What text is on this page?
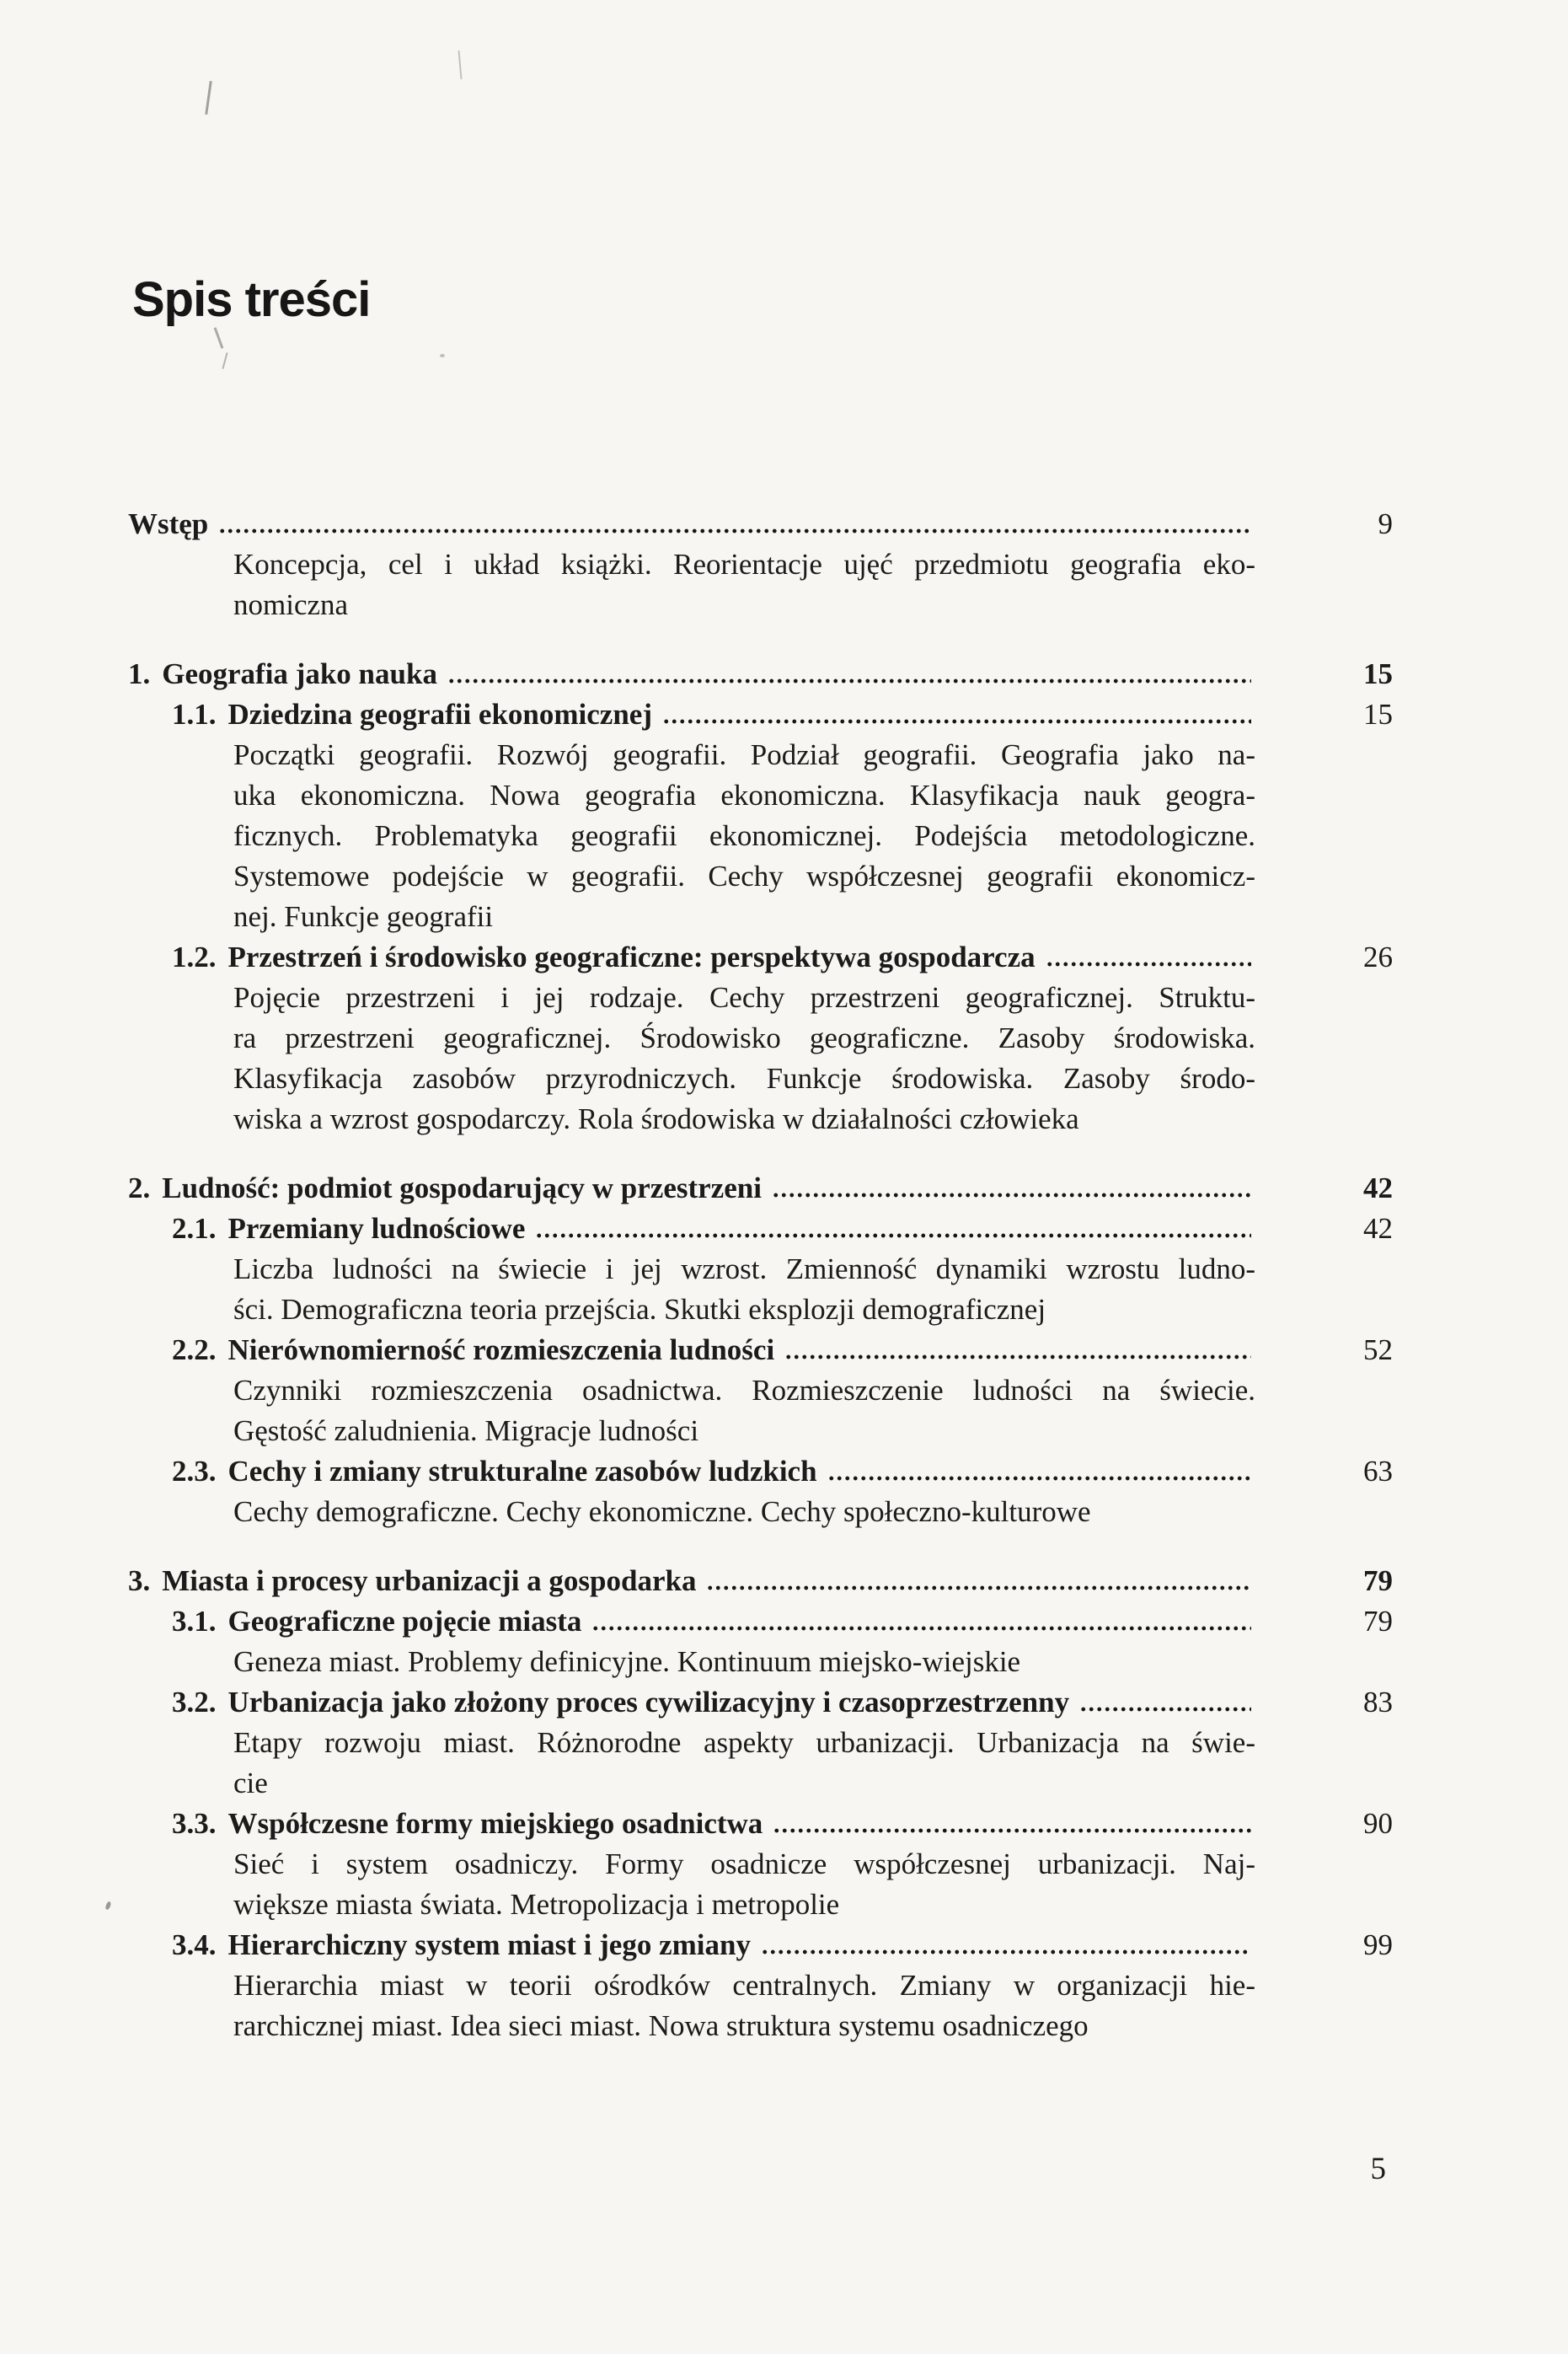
Spis treści
Wstęp	9
Koncepcja, cel i układ książki. Reorientacje ujęć przedmiotu geografia eko-
nomiczna
1. Geografia jako nauka	15
1.1. Dziedzina geografii ekonomicznej	15
Początki geografii. Rozwój geografii. Podział geografii. Geografia jako na-
uka ekonomiczna. Nowa geografia ekonomiczna. Klasyfikacja nauk geogra-
ficznych. Problematyka geografii ekonomicznej. Podejścia metodologiczne.
Systemowe podejście w geografii. Cechy współczesnej geografii ekonomicz-
nej. Funkcje geografii
1.2. Przestrzeń i środowisko geograficzne: perspektywa gospodarcza	26
Pojęcie przestrzeni i jej rodzaje. Cechy przestrzeni geograficznej. Struktu-
ra przestrzeni geograficznej. Środowisko geograficzne. Zasoby środowiska.
Klasyfikacja zasobów przyrodniczych. Funkcje środowiska. Zasoby środo-
wiska a wzrost gospodarczy. Rola środowiska w działalności człowieka
2. Ludność: podmiot gospodarujący w przestrzeni	42
2.1. Przemiany ludnościowe	42
Liczba ludności na świecie i jej wzrost. Zmienność dynamiki wzrostu ludno-
ści. Demograficzna teoria przejścia. Skutki eksplozji demograficznej
2.2. Nierównomierność rozmieszczenia ludności	52
Czynniki rozmieszczenia osadnictwa. Rozmieszczenie ludności na świecie.
Gęstość zaludnienia. Migracje ludności
2.3. Cechy i zmiany strukturalne zasobów ludzkich	63
Cechy demograficzne. Cechy ekonomiczne. Cechy społeczno-kulturowe
3. Miasta i procesy urbanizacji a gospodarka	79
3.1. Geograficzne pojęcie miasta	79
Geneza miast. Problemy definicyjne. Kontinuum miejsko-wiejskie
3.2. Urbanizacja jako złożony proces cywilizacyjny i czasoprzestrzenny	83
Etapy rozwoju miast. Różnorodne aspekty urbanizacji. Urbanizacja na świe-
cie
3.3. Współczesne formy miejskiego osadnictwa	90
Sieć i system osadniczy. Formy osadnicze współczesnej urbanizacji. Naj-
większe miasta świata. Metropolizacja i metropolie
3.4. Hierarchiczny system miast i jego zmiany	99
Hierarchia miast w teorii ośrodków centralnych. Zmiany w organizacji hie-
rarchicznej miast. Idea sieci miast. Nowa struktura systemu osadniczego
5
